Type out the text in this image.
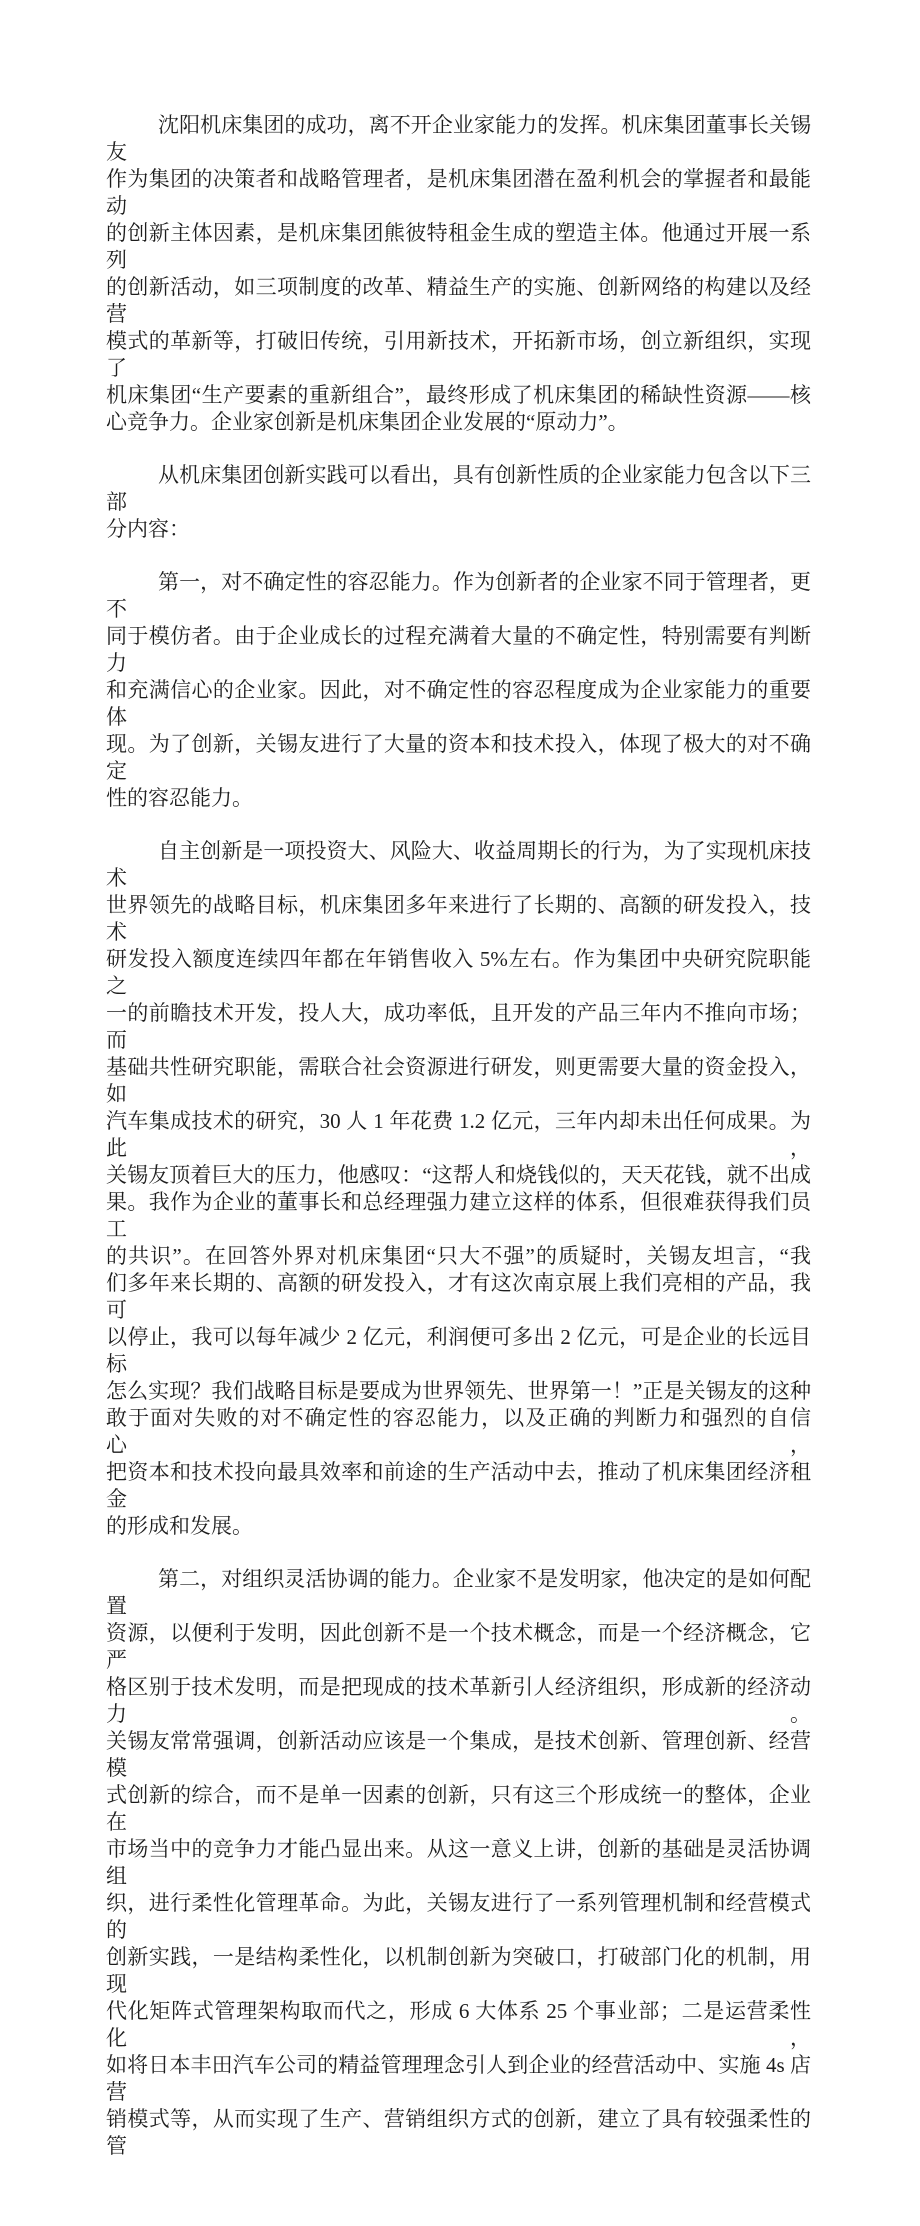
沈阳机床集团的成功，离不开企业家能力的发挥。机床集团董事长关锡友
作为集团的决策者和战略管理者，是机床集团潜在盈利机会的掌握者和最能动
的创新主体因素，是机床集团熊彼特租金生成的塑造主体。他通过开展一系列
的创新活动，如三项制度的改革、精益生产的实施、创新网络的构建以及经营
模式的革新等，打破旧传统，引用新技术，开拓新市场，创立新组织，实现了
机床集团“生产要素的重新组合”，最终形成了机床集团的稀缺性资源——核
心竞争力。企业家创新是机床集团企业发展的“原动力”。
从机床集团创新实践可以看出，具有创新性质的企业家能力包含以下三部
分内容：
第一，对不确定性的容忍能力。作为创新者的企业家不同于管理者，更不
同于模仿者。由于企业成长的过程充满着大量的不确定性，特别需要有判断力
和充满信心的企业家。因此，对不确定性的容忍程度成为企业家能力的重要体
现。为了创新，关锡友进行了大量的资本和技术投入，体现了极大的对不确定
性的容忍能力。
自主创新是一项投资大、风险大、收益周期长的行为，为了实现机床技术
世界领先的战略目标，机床集团多年来进行了长期的、高额的研发投入，技术
研发投入额度连续四年都在年销售收入 5%左右。作为集团中央研究院职能之
一的前瞻技术开发，投人大，成功率低，且开发的产品三年内不推向市场；而
基础共性研究职能，需联合社会资源进行研发，则更需要大量的资金投入，如
汽车集成技术的研究，30 人 1 年花费 1.2 亿元，三年内却未出任何成果。为此，
关锡友顶着巨大的压力，他感叹：“这帮人和烧钱似的，天天花钱，就不出成
果。我作为企业的董事长和总经理强力建立这样的体系，但很难获得我们员工
的共识”。在回答外界对机床集团“只大不强”的质疑时，关锡友坦言，“我
们多年来长期的、高额的研发投入，才有这次南京展上我们亮相的产品，我可
以停止，我可以每年减少 2 亿元，利润便可多出 2 亿元，可是企业的长远目标
怎么实现？我们战略目标是要成为世界领先、世界第一！”正是关锡友的这种
敢于面对失败的对不确定性的容忍能力，以及正确的判断力和强烈的自信心，
把资本和技术投向最具效率和前途的生产活动中去，推动了机床集团经济租金
的形成和发展。
第二，对组织灵活协调的能力。企业家不是发明家，他决定的是如何配置
资源，以便利于发明，因此创新不是一个技术概念，而是一个经济概念，它严
格区别于技术发明，而是把现成的技术革新引人经济组织，形成新的经济动力。
关锡友常常强调，创新活动应该是一个集成，是技术创新、管理创新、经营模
式创新的综合，而不是单一因素的创新，只有这三个形成统一的整体，企业在
市场当中的竞争力才能凸显出来。从这一意义上讲，创新的基础是灵活协调组
织，进行柔性化管理革命。为此，关锡友进行了一系列管理机制和经营模式的
创新实践，一是结构柔性化，以机制创新为突破口，打破部门化的机制，用现
代化矩阵式管理架构取而代之，形成 6 大体系 25 个事业部；二是运营柔性化，
如将日本丰田汽车公司的精益管理理念引人到企业的经营活动中、实施 4s 店营
销模式等，从而实现了生产、营销组织方式的创新，建立了具有较强柔性的管
